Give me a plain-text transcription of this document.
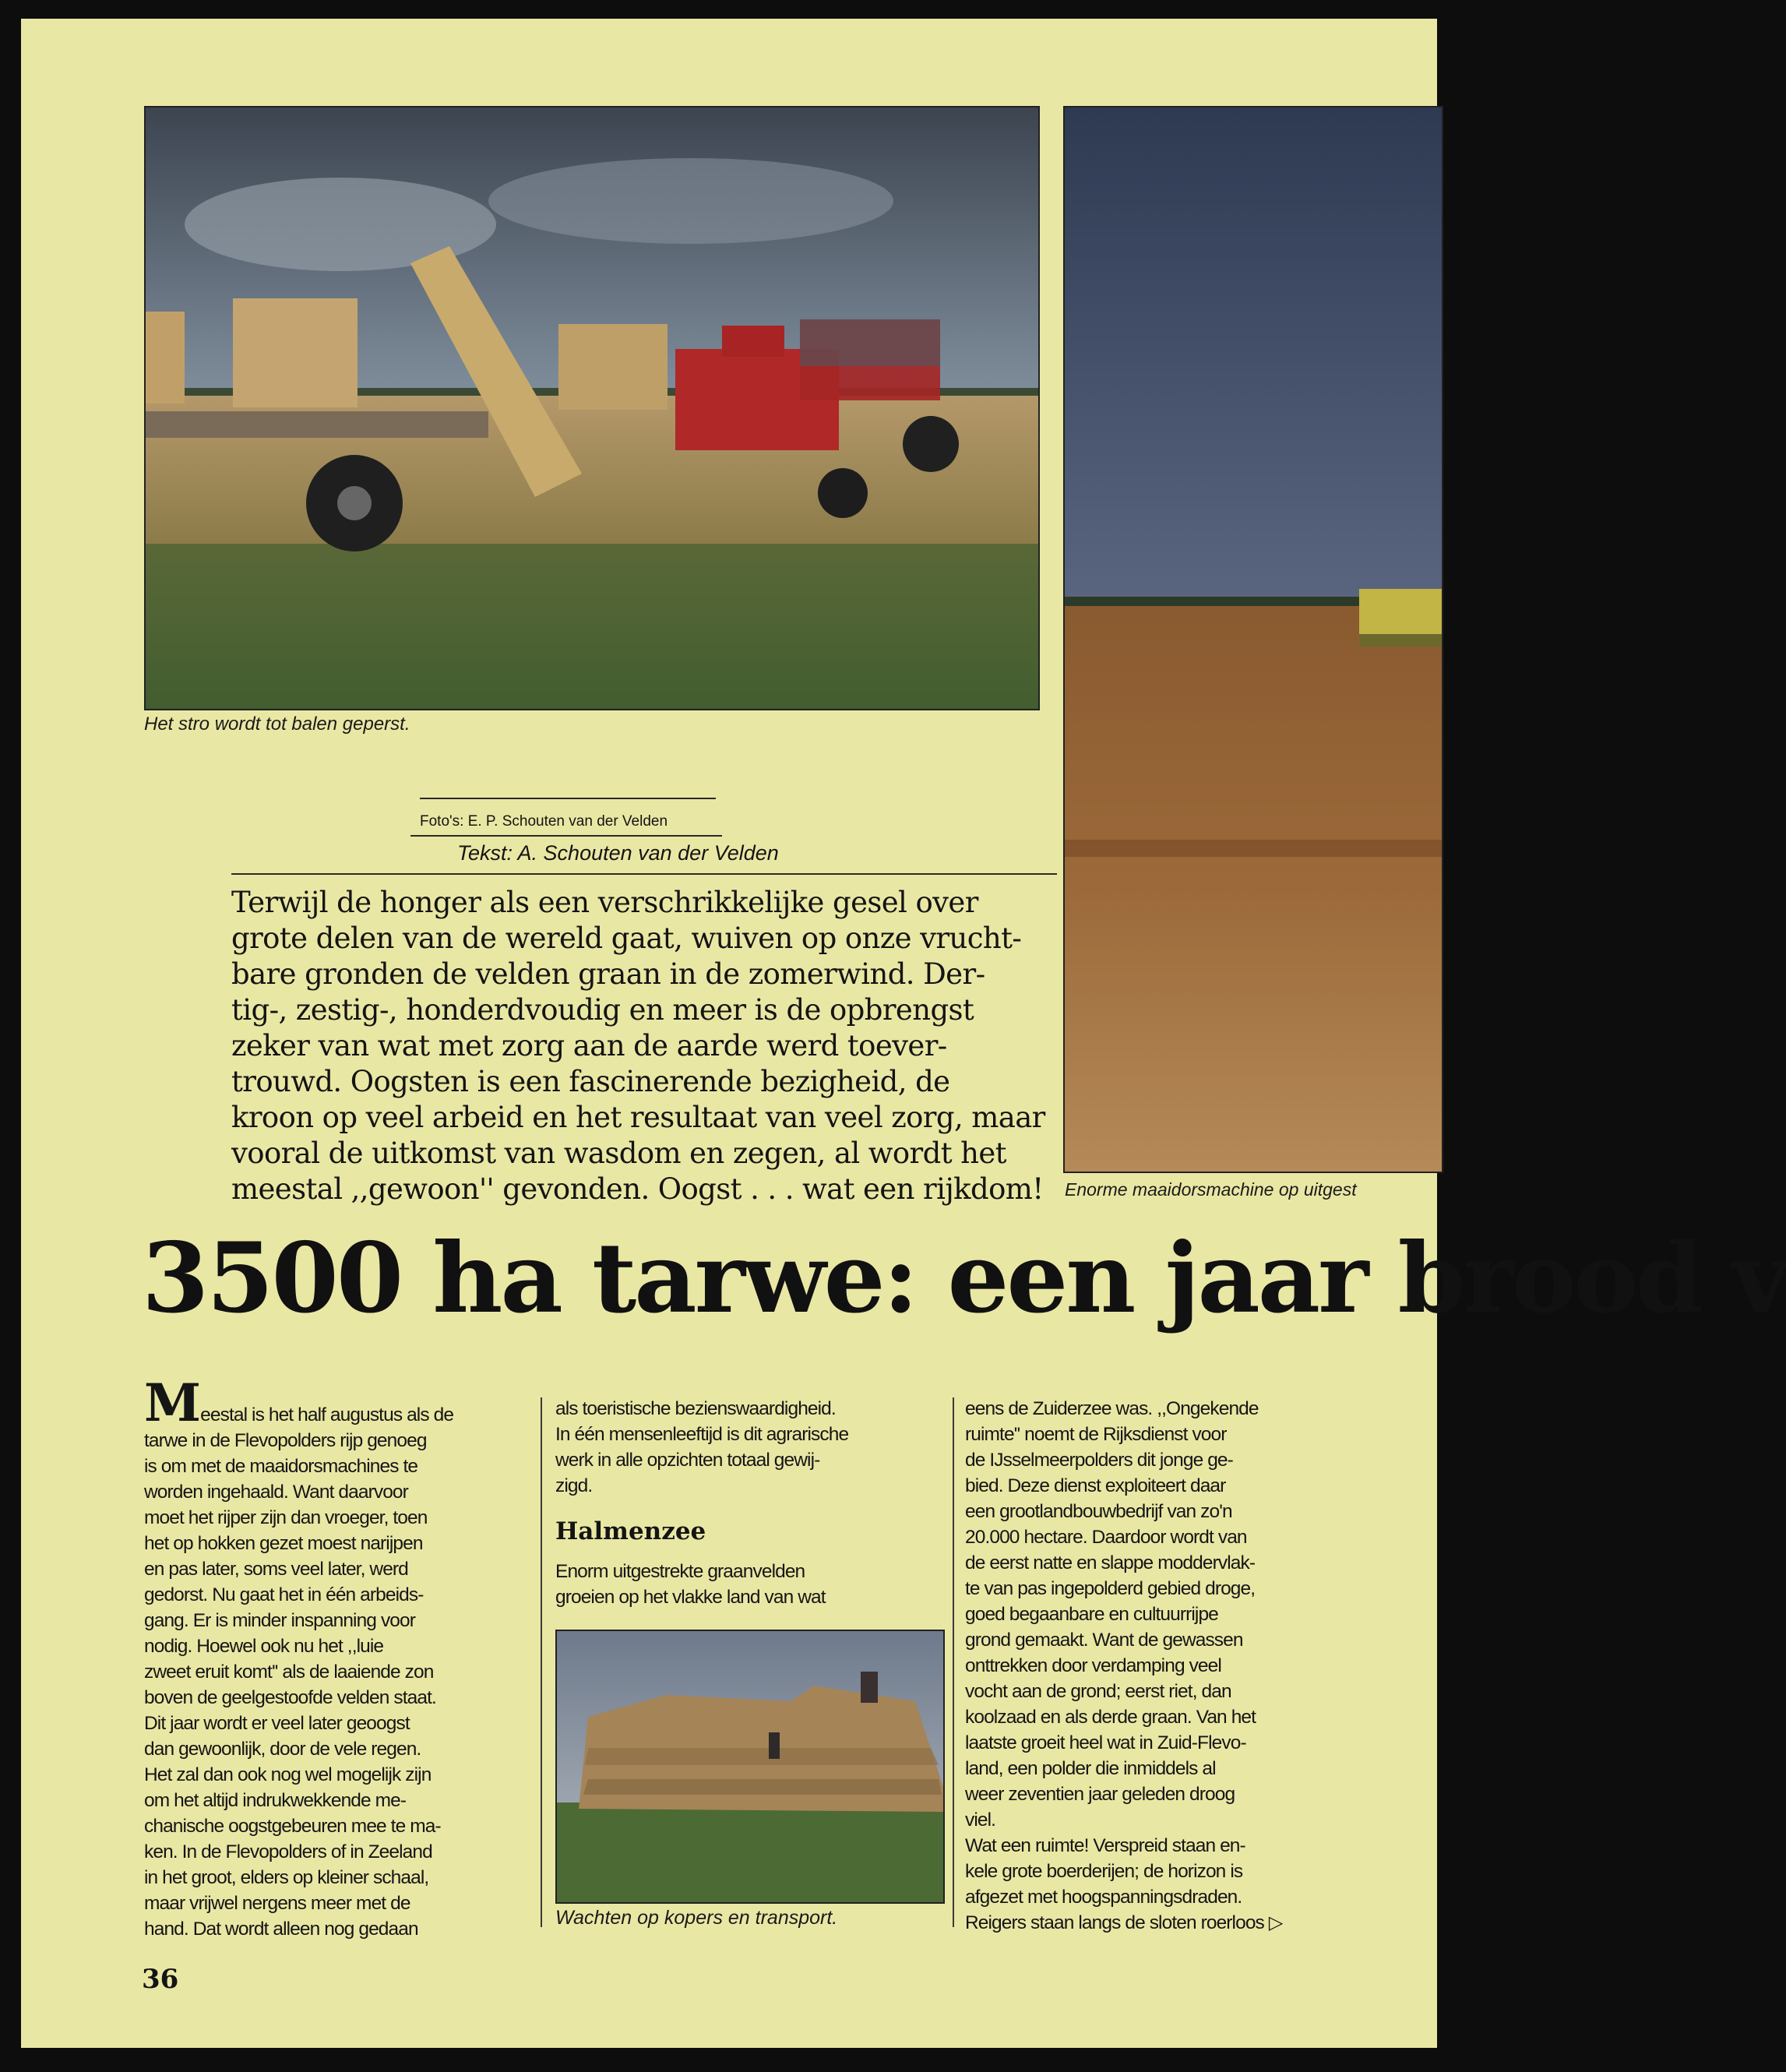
Het stro wordt tot balen geperst.
Enorme maaidorsmachine op uitgest
Foto's: E. P. Schouten van der Velden
Tekst: A. Schouten van der Velden
Terwijl de honger als een verschrikkelijke gesel over
grote delen van de wereld gaat, wuiven op onze vrucht-
bare gronden de velden graan in de zomerwind. Der-
tig-, zestig-, honderdvoudig en meer is de opbrengst
zeker van wat met zorg aan de aarde werd toever-
trouwd. Oogsten is een fascinerende bezigheid, de
kroon op veel arbeid en het resultaat van veel zorg, maar
vooral de uitkomst van wasdom en zegen, al wordt het
meestal ,,gewoon'' gevonden. Oogst . . . wat een rijkdom!
3500 ha tarwe: een jaar brood v
Meestal is het half augustus als de
tarwe in de Flevopolders rijp genoeg
is om met de maaidorsmachines te
worden ingehaald. Want daarvoor
moet het rijper zijn dan vroeger, toen
het op hokken gezet moest narijpen
en pas later, soms veel later, werd
gedorst. Nu gaat het in één arbeids-
gang. Er is minder inspanning voor
nodig. Hoewel ook nu het ,,luie
zweet eruit komt'' als de laaiende zon
boven de geelgestoofde velden staat.
Dit jaar wordt er veel later geoogst
dan gewoonlijk, door de vele regen.
Het zal dan ook nog wel mogelijk zijn
om het altijd indrukwekkende me-
chanische oogstgebeuren mee te ma-
ken. In de Flevopolders of in Zeeland
in het groot, elders op kleiner schaal,
maar vrijwel nergens meer met de
hand. Dat wordt alleen nog gedaan
als toeristische bezienswaardigheid.
In één mensenleeftijd is dit agrarische
werk in alle opzichten totaal gewij-
zigd.
Halmenzee
Enorm uitgestrekte graanvelden
groeien op het vlakke land van wat
Wachten op kopers en transport.
eens de Zuiderzee was. ,,Ongekende
ruimte'' noemt de Rijksdienst voor
de IJsselmeerpolders dit jonge ge-
bied. Deze dienst exploiteert daar
een grootlandbouwbedrijf van zo'n
20.000 hectare. Daardoor wordt van
de eerst natte en slappe moddervlak-
te van pas ingepolderd gebied droge,
goed begaanbare en cultuurrijpe
grond gemaakt. Want de gewassen
onttrekken door verdamping veel
vocht aan de grond; eerst riet, dan
koolzaad en als derde graan. Van het
laatste groeit heel wat in Zuid-Flevo-
land, een polder die inmiddels al
weer zeventien jaar geleden droog
viel.
Wat een ruimte! Verspreid staan en-
kele grote boerderijen; de horizon is
afgezet met hoogspanningsdraden.
Reigers staan langs de sloten roerloos ▷
36
